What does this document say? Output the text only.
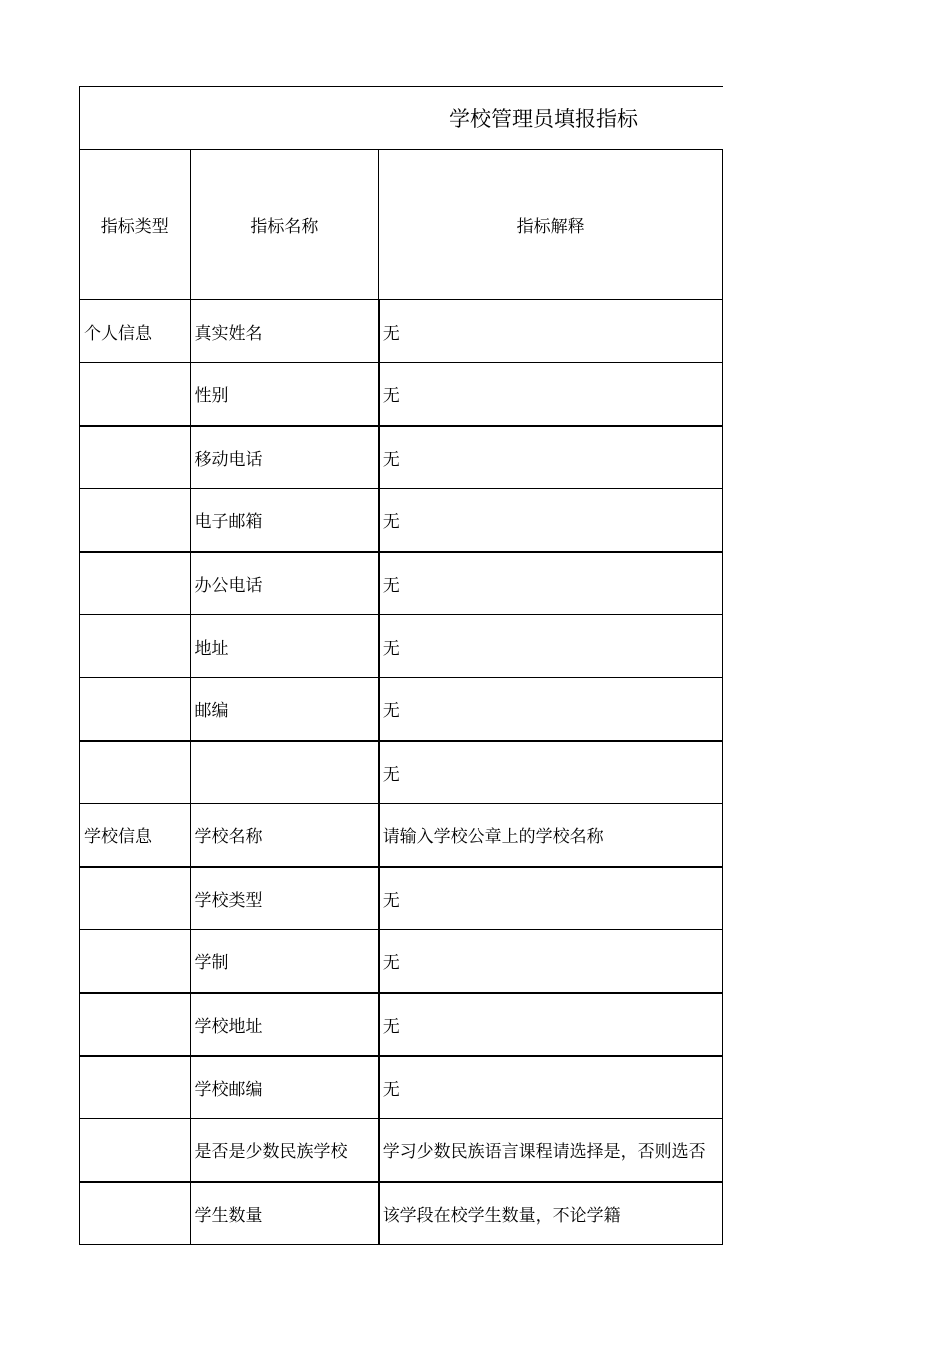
学校管理员填报指标
指标类型	指标名称	指标解释
个人信息	真实姓名	无
	性别	无
	移动电话	无
	电子邮箱	无
	办公电话	无
	地址	无
	邮编	无
		无
学校信息	学校名称	请输入学校公章上的学校名称
	学校类型	无
	学制	无
	学校地址	无
	学校邮编	无
	是否是少数民族学校	学习少数民族语言课程请选择是，否则选否
	学生数量	该学段在校学生数量，不论学籍
